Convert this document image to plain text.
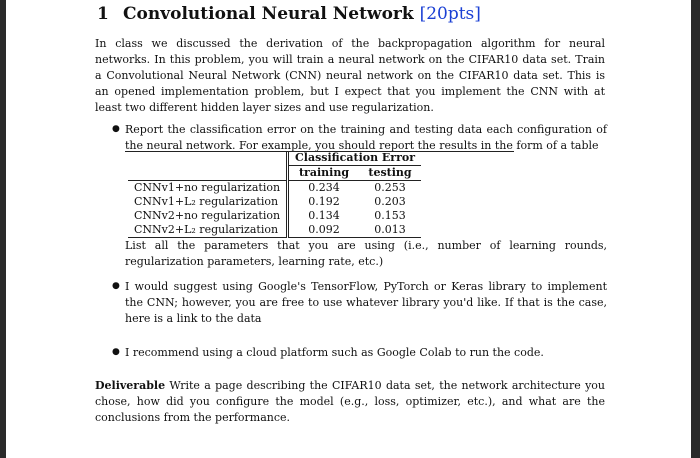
1 Convolutional Neural Network [20pts]
In class we discussed the derivation of the backpropagation algorithm for neural networks. In this problem, you will train a neural network on the CIFAR10 data set. Train a Convolutional Neural Network (CNN) neural network on the CIFAR10 data set. This is an opened implementation problem, but I expect that you implement the CNN with at least two different hidden layer sizes and use regularization.
● Report the classification error on the training and testing data each configuration of the neural network. For example, you should report the results in the form of a table
	Classification Error	
	training	testing
CNNv1+no regularization	0.234	0.253
CNNv1+L₂ regularization	0.192	0.203
CNNv2+no regularization	0.134	0.153
CNNv2+L₂ regularization	0.092	0.013
List all the parameters that you are using (i.e., number of learning rounds, regularization parameters, learning rate, etc.)
● I would suggest using Google's TensorFlow, PyTorch or Keras library to implement the CNN; however, you are free to use whatever library you'd like. If that is the case, here is a link to the data
● I recommend using a cloud platform such as Google Colab to run the code.
Deliverable Write a page describing the CIFAR10 data set, the network architecture you chose, how did you configure the model (e.g., loss, optimizer, etc.), and what are the conclusions from the performance.
